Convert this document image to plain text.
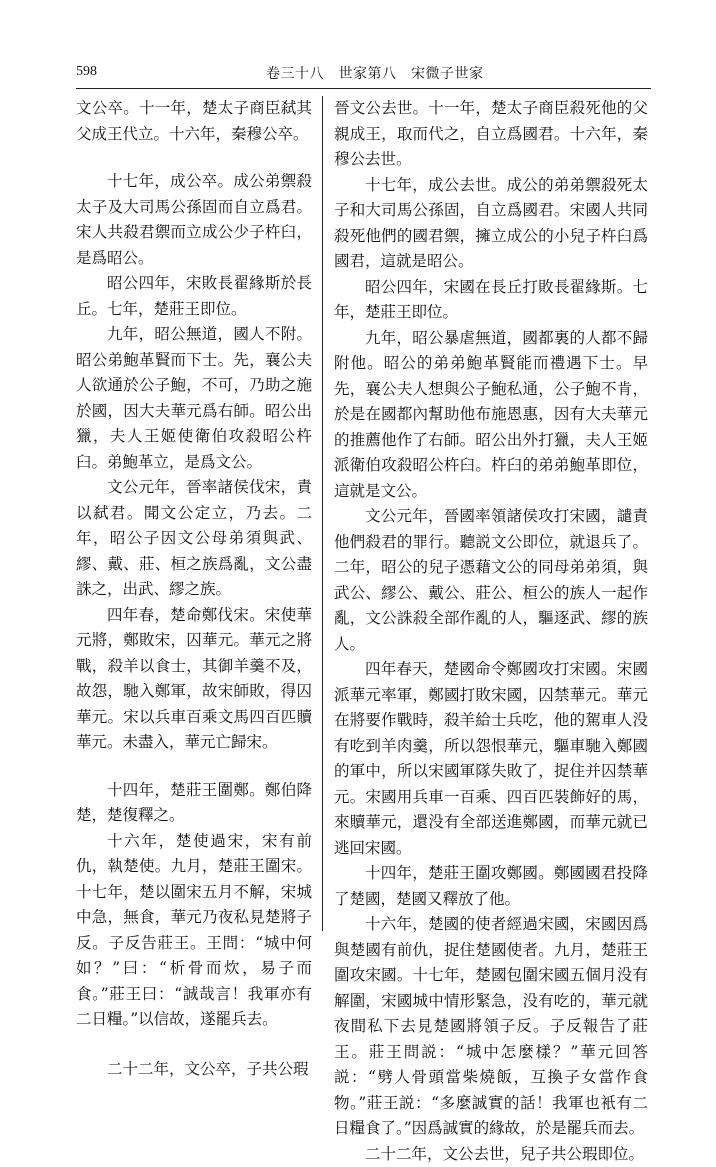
598	卷三十八　世家第八　宋微子世家

文公卒。十一年，楚太子商臣弑其父成王代立。十六年，秦穆公卒。

十七年，成公卒。成公弟禦殺太子及大司馬公孫固而自立爲君。宋人共殺君禦而立成公少子杵臼，是爲昭公。

昭公四年，宋敗長翟緣斯於長丘。七年，楚莊王即位。

九年，昭公無道，國人不附。昭公弟鮑革賢而下士。先，襄公夫人欲通於公子鮑，不可，乃助之施於國，因大夫華元爲右師。昭公出獵，夫人王姬使衛伯攻殺昭公杵臼。弟鮑革立，是爲文公。

文公元年，晉率諸侯伐宋，責以弑君。聞文公定立，乃去。二年，昭公子因文公母弟須與武、繆、戴、莊、桓之族爲亂，文公盡誅之，出武、繆之族。

四年春，楚命鄭伐宋。宋使華元將，鄭敗宋，囚華元。華元之將戰，殺羊以食士，其御羊羹不及，故怨，馳入鄭軍，故宋師敗，得囚華元。宋以兵車百乘文馬四百匹贖華元。未盡入，華元亡歸宋。

十四年，楚莊王圍鄭。鄭伯降楚，楚復釋之。

十六年，楚使過宋，宋有前仇，執楚使。九月，楚莊王圍宋。十七年，楚以圍宋五月不解，宋城中急，無食，華元乃夜私見楚將子反。子反告莊王。王問：“城中何如？”曰：“析骨而炊，易子而食。”莊王曰：“誠哉言！我軍亦有二日糧。”以信故，遂罷兵去。

二十二年，文公卒，子共公瑕

晉文公去世。十一年，楚太子商臣殺死他的父親成王，取而代之，自立爲國君。十六年，秦穆公去世。

十七年，成公去世。成公的弟弟禦殺死太子和大司馬公孫固，自立爲國君。宋國人共同殺死他們的國君禦，擁立成公的小兒子杵臼爲國君，這就是昭公。

昭公四年，宋國在長丘打敗長翟緣斯。七年，楚莊王即位。

九年，昭公暴虐無道，國都裏的人都不歸附他。昭公的弟弟鮑革賢能而禮遇下士。早先，襄公夫人想與公子鮑私通，公子鮑不肯，於是在國都內幫助他布施恩惠，因有大夫華元的推薦他作了右師。昭公出外打獵，夫人王姬派衛伯攻殺昭公杵臼。杵臼的弟弟鮑革即位，這就是文公。

文公元年，晉國率領諸侯攻打宋國，譴責他們殺君的罪行。聽説文公即位，就退兵了。二年，昭公的兒子憑藉文公的同母弟弟須，與武公、繆公、戴公、莊公、桓公的族人一起作亂，文公誅殺全部作亂的人，驅逐武、繆的族人。

四年春天，楚國命令鄭國攻打宋國。宋國派華元率軍，鄭國打敗宋國，囚禁華元。華元在將要作戰時，殺羊給士兵吃，他的駕車人没有吃到羊肉羹，所以怨恨華元，驅車馳入鄭國的軍中，所以宋國軍隊失敗了，捉住并囚禁華元。宋國用兵車一百乘、四百匹裝飾好的馬，來贖華元，還没有全部送進鄭國，而華元就已逃回宋國。

十四年，楚莊王圍攻鄭國。鄭國國君投降了楚國，楚國又釋放了他。

十六年，楚國的使者經過宋國，宋國因爲與楚國有前仇，捉住楚國使者。九月，楚莊王圍攻宋國。十七年，楚國包圍宋國五個月没有解圍，宋國城中情形緊急，没有吃的，華元就夜間私下去見楚國將領子反。子反報告了莊王。莊王問説：“城中怎麼樣？”華元回答説：“劈人骨頭當柴燒飯，互換子女當作食物。”莊王説：“多麼誠實的話！我軍也衹有二日糧食了。”因爲誠實的緣故，於是罷兵而去。

二十二年，文公去世，兒子共公瑕即位。
